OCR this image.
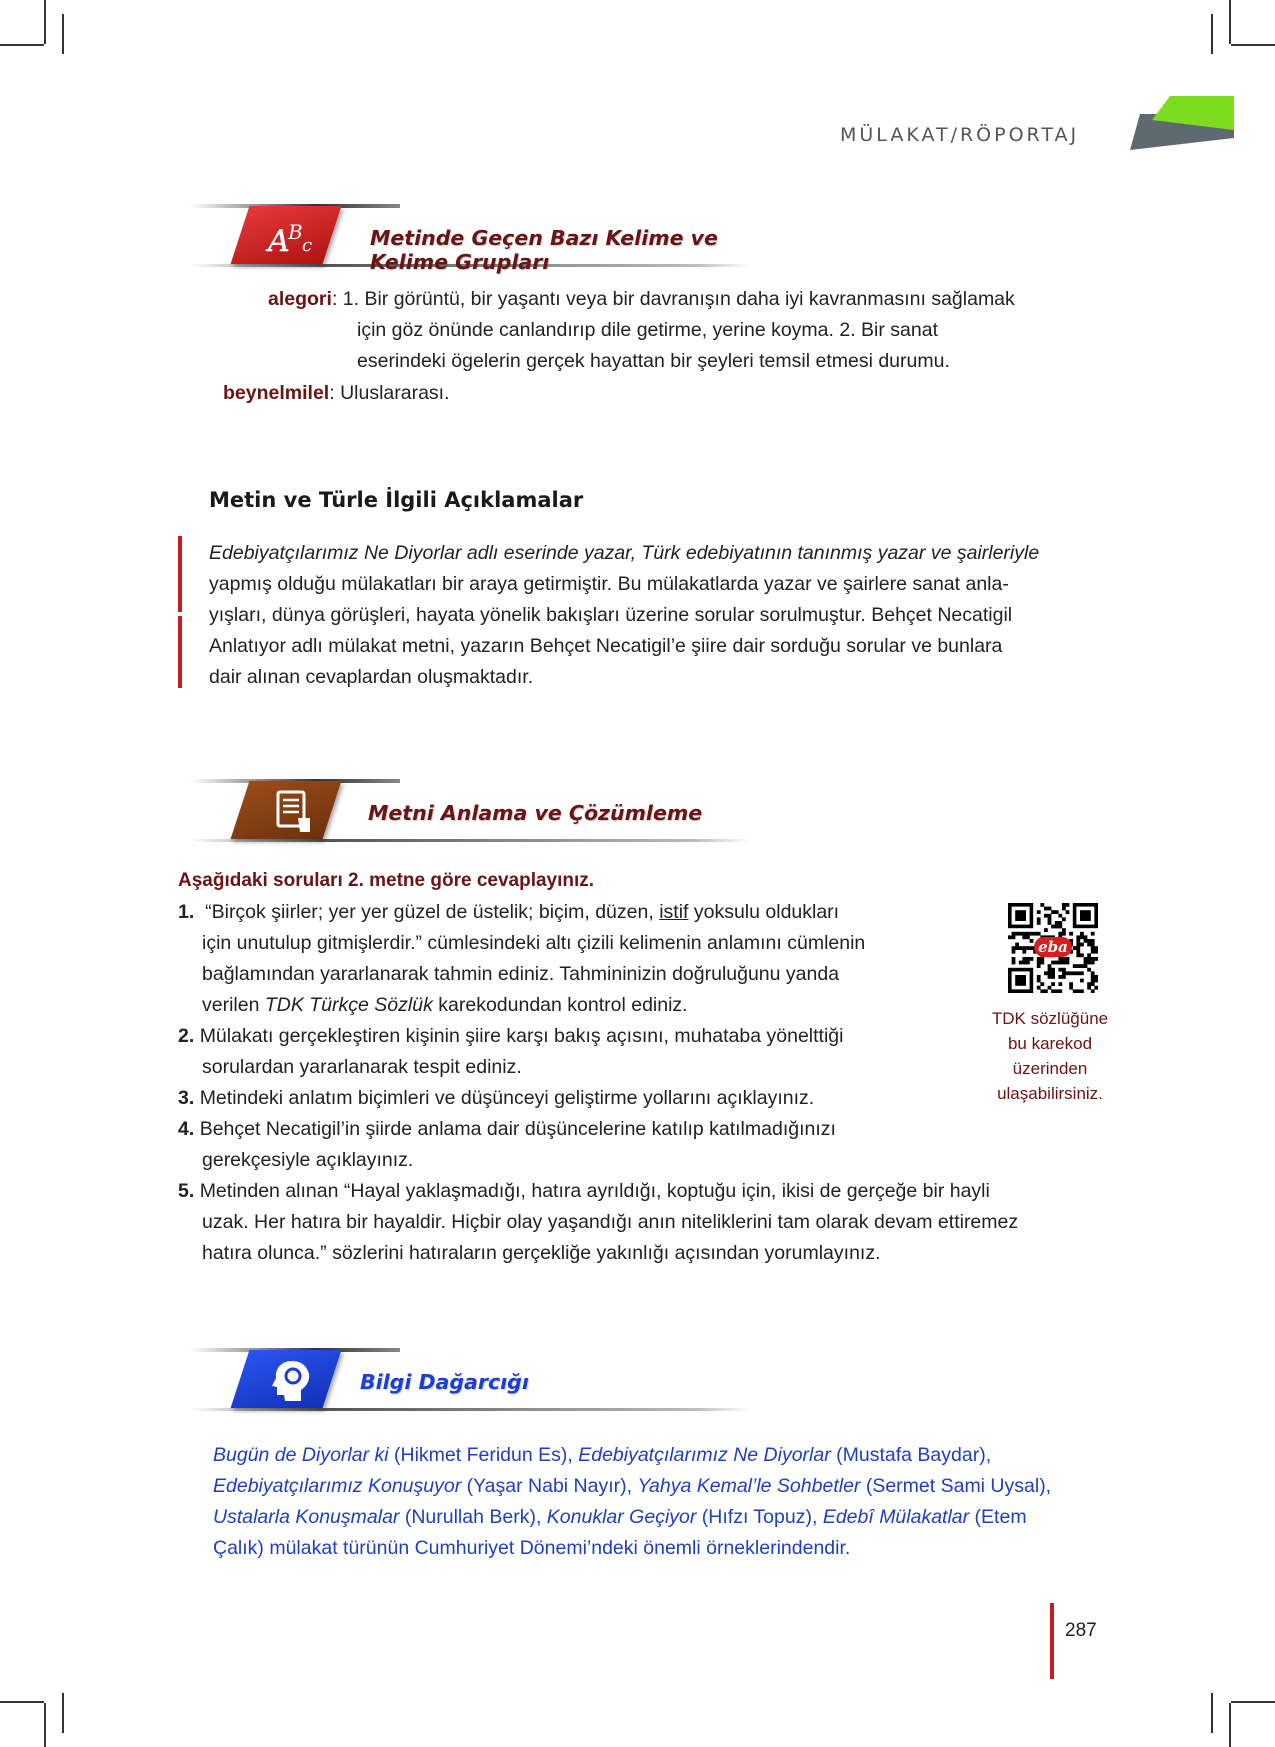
MÜLAKAT/RÖPORTAJ
A
B
c	Metinde Geçen Bazı Kelime ve Kelime Grupları
alegori: 1. Bir görüntü, bir yaşantı veya bir davranışın daha iyi kavranmasını sağlamak
için göz önünde canlandırıp dile getirme, yerine koyma. 2. Bir sanat
eserindeki ögelerin gerçek hayattan bir şeyleri temsil etmesi durumu.
beynelmilel: Uluslararası.
Metin ve Türle İlgili Açıklamalar

Edebiyatçılarımız Ne Diyorlar adlı eserinde yazar, Türk edebiyatının tanınmış yazar ve şairleriyle

yapmış olduğu mülakatları bir araya getirmiştir. Bu mülakatlarda yazar ve şairlere sanat anla-

yışları, dünya görüşleri, hayata yönelik bakışları üzerine sorular sorulmuştur. Behçet Necatigil

Anlatıyor adlı mülakat metni, yazarın Behçet Necatigil’e şiire dair sorduğu sorular ve bunlara

dair alınan cevaplardan oluşmaktadır.

Metni Anlama ve Çözümleme
Aşağıdaki soruları 2. metne göre cevaplayınız.
1. “Birçok şiirler; yer yer güzel de üstelik; biçim, düzen, istif yoksulu oldukları
için unutulup gitmişlerdir.” cümlesindeki altı çizili kelimenin anlamını cümlenin
bağlamından yararlanarak tahmin ediniz. Tahmininizin doğruluğunu yanda
verilen TDK Türkçe Sözlük karekodundan kontrol ediniz.
2. Mülakatı gerçekleştiren kişinin şiire karşı bakış açısını, muhataba yönelttiği
sorulardan yararlanarak tespit ediniz.
3. Metindeki anlatım biçimleri ve düşünceyi geliştirme yollarını açıklayınız.
4. Behçet Necatigil’in şiirde anlama dair düşüncelerine katılıp katılmadığınızı
gerekçesiyle açıklayınız.
5. Metinden alınan “Hayal yaklaşmadığı, hatıra ayrıldığı, koptuğu için, ikisi de gerçeğe bir hayli
uzak. Her hatıra bir hayaldir. Hiçbir olay yaşandığı anın niteliklerini tam olarak devam ettiremez
hatıra olunca.” sözlerini hatıraların gerçekliğe yakınlığı açısından yorumlayınız.
eba
TDK sözlüğüne
bu karekod
üzerinden
ulaşabilirsiniz.
Bilgi Dağarcığı
Bugün de Diyorlar ki (Hikmet Feridun Es), Edebiyatçılarımız Ne Diyorlar (Mustafa Baydar),
Edebiyatçılarımız Konuşuyor (Yaşar Nabi Nayır), Yahya Kemal’le Sohbetler (Sermet Sami Uysal),
Ustalarla Konuşmalar (Nurullah Berk), Konuklar Geçiyor (Hıfzı Topuz), Edebî Mülakatlar (Etem
Çalık) mülakat türünün Cumhuriyet Dönemi’ndeki önemli örneklerindendir.
287
